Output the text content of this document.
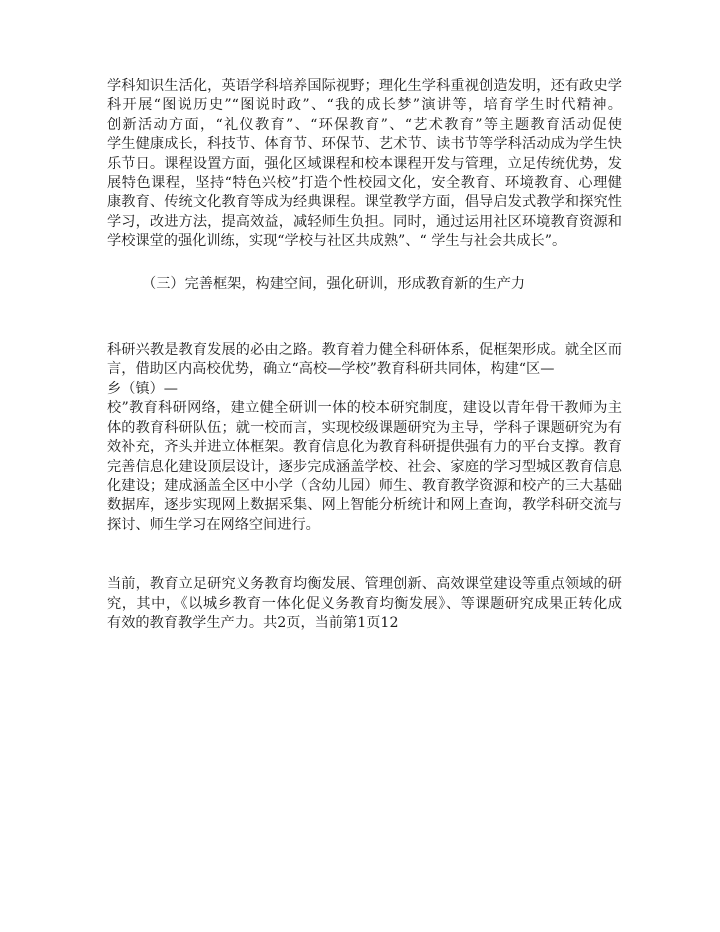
学科知识生活化，英语学科培养国际视野；理化生学科重视创造发明，还有政史学
科开展“图说历史”“图说时政”、“我的成长梦”演讲等，培育学生时代精神。
创新活动方面，“礼仪教育”、“环保教育”、“艺术教育”等主题教育活动促使
学生健康成长，科技节、体育节、环保节、艺术节、读书节等学科活动成为学生快
乐节日。课程设置方面，强化区域课程和校本课程开发与管理，立足传统优势，发
展特色课程，坚持“特色兴校”打造个性校园文化，安全教育、环境教育、心理健
康教育、传统文化教育等成为经典课程。课堂教学方面，倡导启发式教学和探究性
学习，改进方法，提高效益，减轻师生负担。同时，通过运用社区环境教育资源和
学校课堂的强化训练，实现“学校与社区共成熟”、“ 学生与社会共成长”。
（三）完善框架，构建空间，强化研训，形成教育新的生产力
科研兴教是教育发展的必由之路。教育着力健全科研体系，促框架形成。就全区而
言，借助区内高校优势，确立“高校—学校”教育科研共同体，构建“区—
乡（镇）—
校”教育科研网络，建立健全研训一体的校本研究制度，建设以青年骨干教师为主
体的教育科研队伍；就一校而言，实现校级课题研究为主导，学科子课题研究为有
效补充，齐头并进立体框架。教育信息化为教育科研提供强有力的平台支撑。教育
完善信息化建设顶层设计，逐步完成涵盖学校、社会、家庭的学习型城区教育信息
化建设；建成涵盖全区中小学（含幼儿园）师生、教育教学资源和校产的三大基础
数据库，逐步实现网上数据采集、网上智能分析统计和网上查询，教学科研交流与
探讨、师生学习在网络空间进行。
当前，教育立足研究义务教育均衡发展、管理创新、高效课堂建设等重点领域的研
究，其中，《以城乡教育一体化促义务教育均衡发展》、等课题研究成果正转化成
有效的教育教学生产力。共2页，当前第1页12
